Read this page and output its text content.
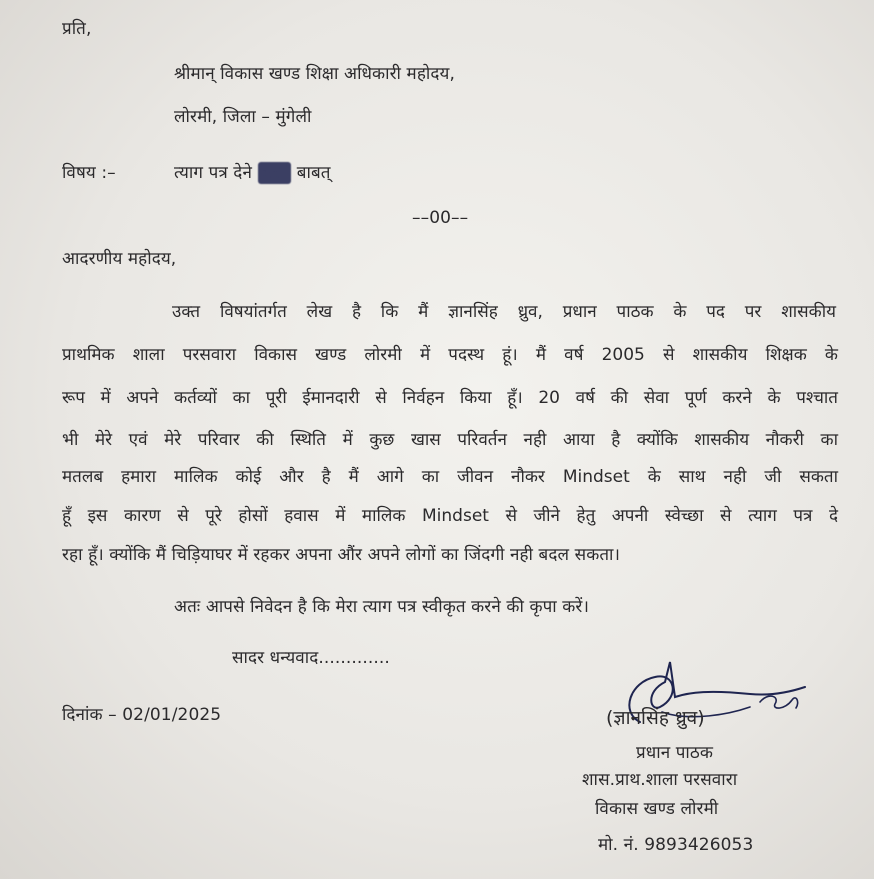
प्रति,
श्रीमान् विकास खण्ड शिक्षा अधिकारी महोदय,
लोरमी, जिला – मुंगेली
विषय :–	त्याग पत्र देने करने बाबत्
––00––
आदरणीय महोदय,
उक्त विषयांतर्गत लेख है कि मैं ज्ञानसिंह ध्रुव, प्रधान पाठक के पद पर शासकीय
प्राथमिक शाला परसवारा विकास खण्ड लोरमी में पदस्थ हूं। मैं वर्ष 2005 से शासकीय शिक्षक के
रूप में अपने कर्तव्यों का पूरी ईमानदारी से निर्वहन किया हूँ। 20 वर्ष की सेवा पूर्ण करने के पश्चात
भी मेरे एवं मेरे परिवार की स्थिति में कुछ खास परिवर्तन नही आया है क्योंकि शासकीय नौकरी का
मतलब हमारा मालिक कोई और है मैं आगे का जीवन नौकर Mindset के साथ नही जी सकता
हूँ इस कारण से पूरे होसों हवास में मालिक Mindset से जीने हेतु अपनी स्वेच्छा से त्याग पत्र दे
रहा हूँ। क्योंकि मैं चिड़ियाघर में रहकर अपना औंर अपने लोगों का जिंदगी नही बदल सकता।
अतः आपसे निवेदन है कि मेरा त्याग पत्र स्वीकृत करने की कृपा करें।
सादर धन्यवाद.............
दिनांक – 02/01/2025	(ज्ञानसिंह ध्रुव)
प्रधान पाठक
शास.प्राथ.शाला परसवारा
विकास खण्ड लोरमी
मो. नं. 9893426053
